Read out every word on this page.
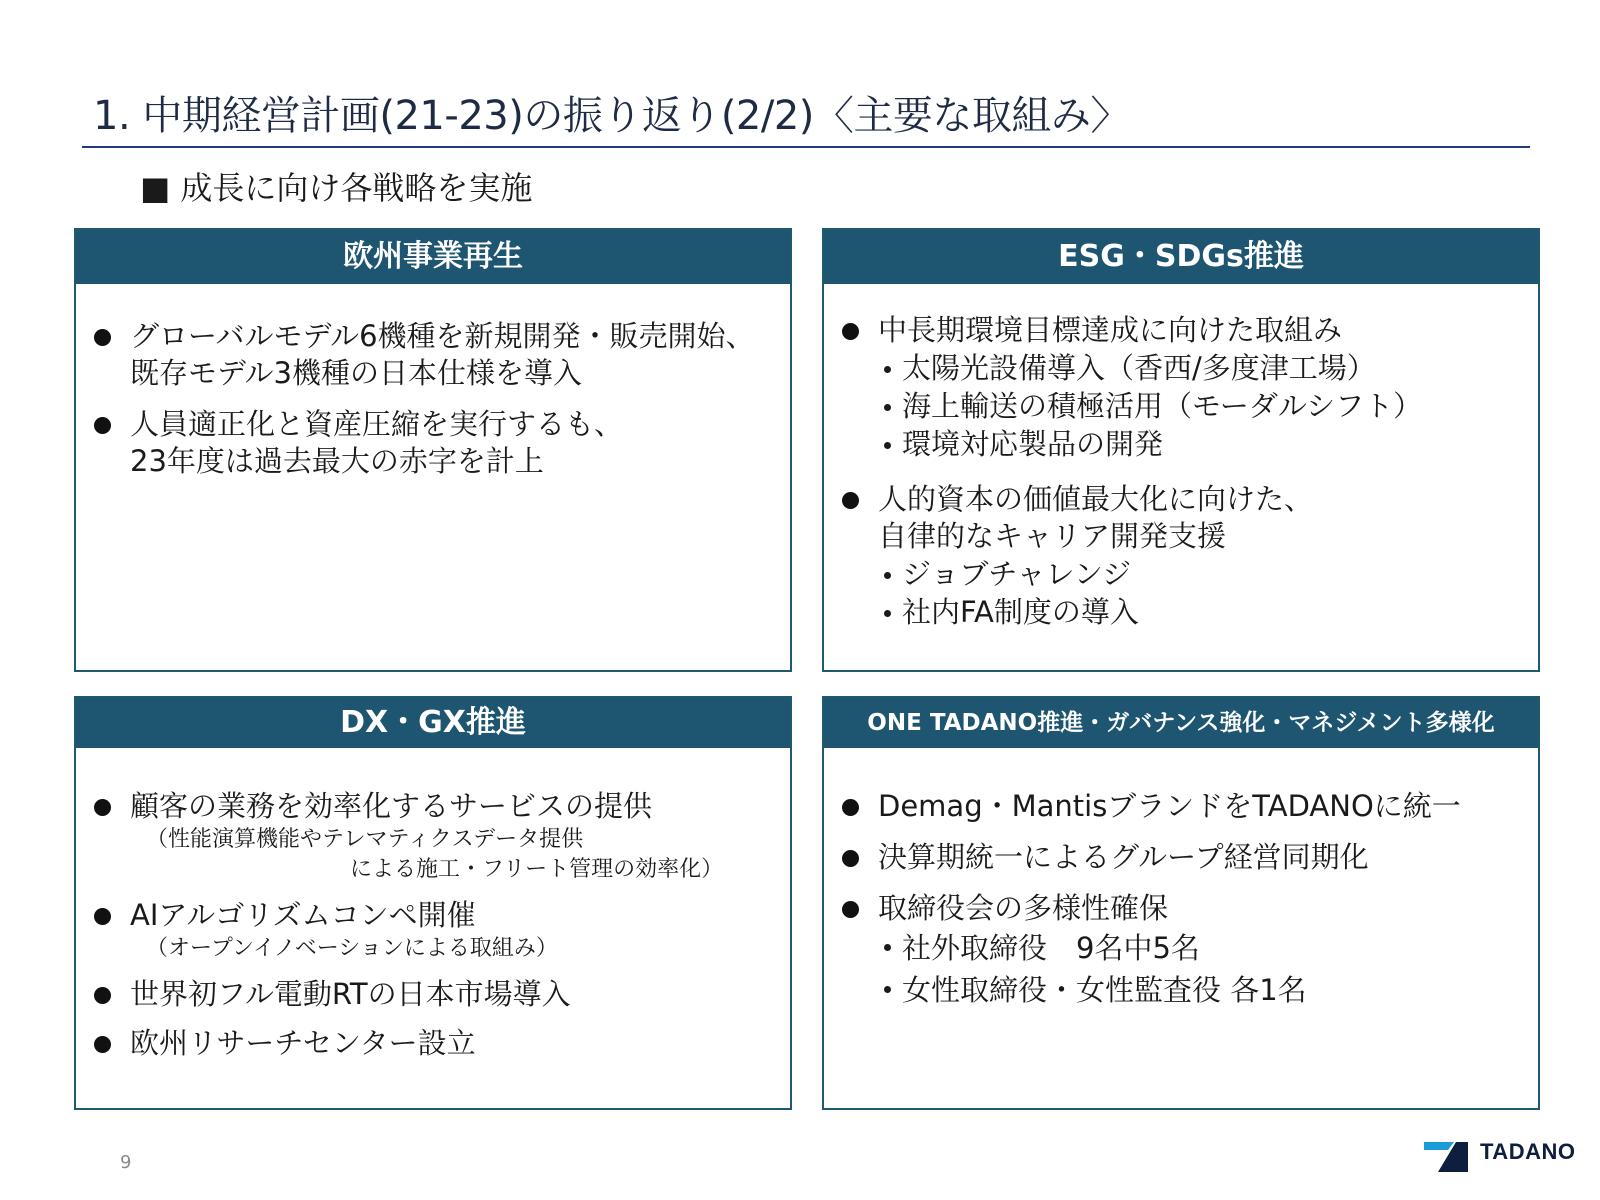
1. 中期経営計画(21-23)の振り返り(2/2)〈主要な取組み〉
■ 成長に向け各戦略を実施
欧州事業再生
グローバルモデル6機種を新規開発・販売開始、
既存モデル3機種の日本仕様を導入
人員適正化と資産圧縮を実行するも、
23年度は過去最大の赤字を計上
ESG・SDGs推進
中長期環境目標達成に向けた取組み
太陽光設備導入（香西/多度津工場）
海上輸送の積極活用（モーダルシフト）
環境対応製品の開発
人的資本の価値最大化に向けた、
自律的なキャリア開発支援
ジョブチャレンジ
社内FA制度の導入
DX・GX推進
顧客の業務を効率化するサービスの提供
（性能演算機能やテレマティクスデータ提供
による施工・フリート管理の効率化）
AIアルゴリズムコンペ開催
（オープンイノベーションによる取組み）
世界初フル電動RTの日本市場導入
欧州リサーチセンター設立
ONE TADANO推進・ガバナンス強化・マネジメント多様化
Demag・MantisブランドをTADANOに統一
決算期統一によるグループ経営同期化
取締役会の多様性確保
社外取締役　9名中5名
女性取締役・女性監査役 各1名
9	TADANO
